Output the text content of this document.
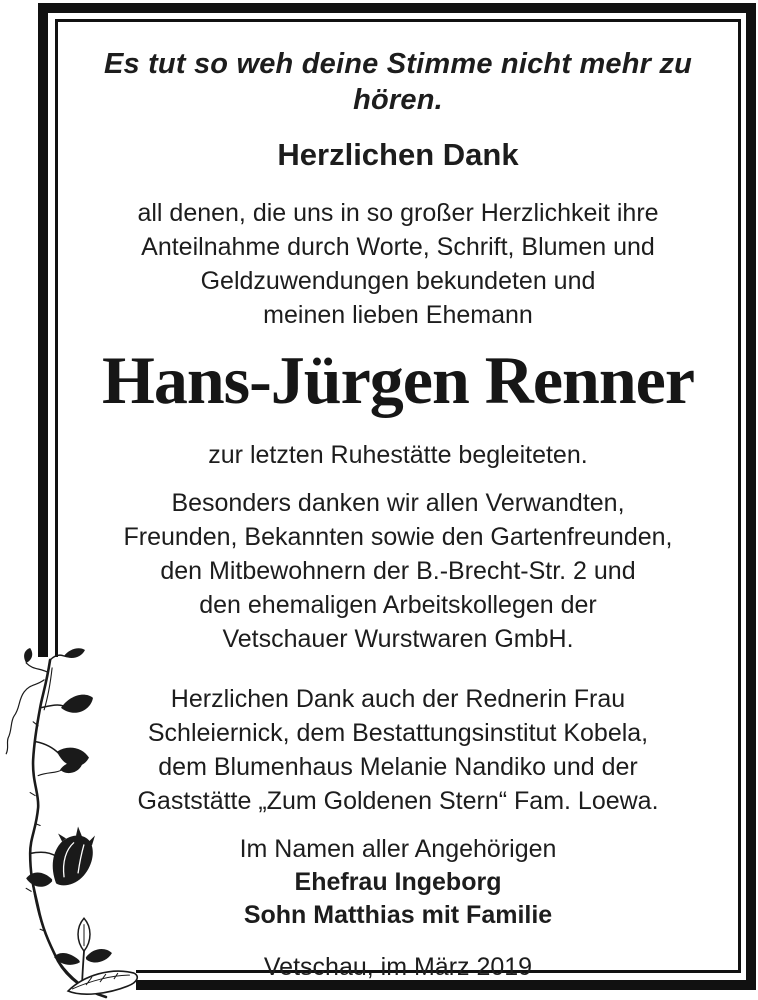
Es tut so weh deine Stimme nicht mehr zu hören.
Herzlichen Dank
all denen, die uns in so großer Herzlichkeit ihre
Anteilnahme durch Worte, Schrift, Blumen und
Geldzuwendungen bekundeten und
meinen lieben Ehemann
Hans-Jürgen Renner
zur letzten Ruhestätte begleiteten.
Besonders danken wir allen Verwandten,
Freunden, Bekannten sowie den Gartenfreunden,
den Mitbewohnern der B.-Brecht-Str. 2 und
den ehemaligen Arbeitskollegen der
Vetschauer Wurstwaren GmbH.
Herzlichen Dank auch der Rednerin Frau
Schleiernick, dem Bestattungsinstitut Kobela,
dem Blumenhaus Melanie Nandiko und der
Gaststätte „Zum Goldenen Stern“ Fam. Loewa.
Im Namen aller Angehörigen
Ehefrau Ingeborg
Sohn Matthias mit Familie
Vetschau, im März 2019
